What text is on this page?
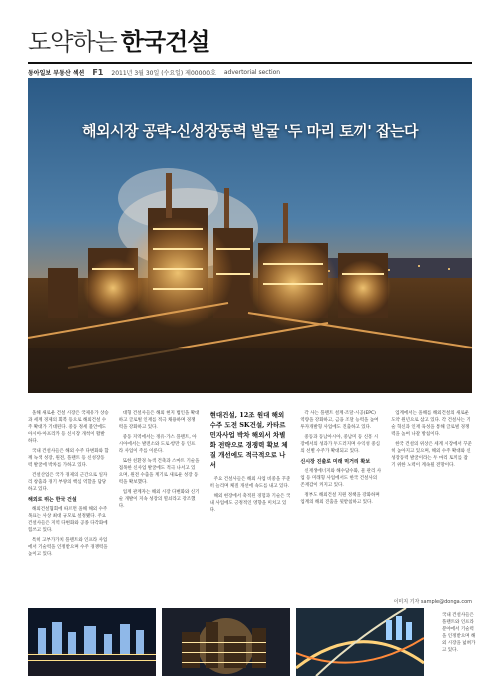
도약하는 한국건설
동아일보 부동산 섹션 F1 2011년 3월 30일 (수요일) 제00000호 advertorial section
해외시장 공략-신성장동력 발굴 '두 마리 토끼' 잡는다

올해 새로운 건설 시장은 국제유가 상승과 세계 경제의 회복 등으로 해외건설 수주 확대가 기대된다. 중동 정세 불안에도 아시아·아프리카 등 신시장 개척이 활발하다.

국내 건설사들은 해외 수주 다변화와 함께 녹색 성장, 원전, 플랜트 등 신성장동력 발굴에 박차를 가하고 있다.

건설산업은 국가 경제의 근간으로 일자리 창출과 경기 부양의 핵심 역할을 담당하고 있다.

해외로 뛰는 한국 건설

해외건설협회에 따르면 올해 해외 수주 목표는 사상 최대 규모로 설정됐다. 주요 건설사들은 지역 다변화와 공종 다각화에 힘쓰고 있다.

특히 고부가가치 플랜트와 인프라 사업에서 기술력을 인정받으며 수주 경쟁력을 높이고 있다.

대형 건설사들은 해외 현지 법인을 확대하고 글로벌 인재를 적극 채용하며 경쟁력을 강화하고 있다.

중동 지역에서는 정유·가스 플랜트, 아시아에서는 발전소와 도로·항만 등 인프라 사업이 주를 이룬다.

또한 친환경 녹색 건축과 스마트 기술을 접목한 신사업 발굴에도 적극 나서고 있으며, 원전 수출을 계기로 새로운 성장 동력을 확보했다.

업계 관계자는 해외 시장 다변화와 신기술 개발이 지속 성장의 열쇠라고 강조했다.

현대건설, 12조 원대 해외 수주 도전 SK건설, 카타르 민자사업 박차 해외서 차별화 전략으로 경쟁력 확보 체질 개선에도 적극적으로 나서

주요 건설사들은 해외 사업 비중을 꾸준히 늘리며 체질 개선에 속도를 내고 있다.

해외 현장에서 축적된 경험과 기술은 국내 사업에도 긍정적인 영향을 미치고 있다.

각 사는 플랜트 설계·조달·시공(EPC) 역량을 강화하고, 금융 조달 능력을 높여 투자개발형 사업에도 진출하고 있다.

중동과 동남아시아, 중남미 등 신흥 시장에서의 성과가 두드러지며 수익성 중심의 선별 수주가 확대되고 있다.

신시장 진출로 미래 먹거리 확보

신재생에너지와 해수담수화, 물 관리 사업 등 미래형 사업에서도 한국 건설사의 존재감이 커지고 있다.

정부도 해외건설 지원 정책을 강화하며 업계의 해외 진출을 뒷받침하고 있다.

업계에서는 올해를 해외건설의 새로운 도약 원년으로 삼고 있다. 각 건설사는 기술 혁신과 인재 육성을 통해 글로벌 경쟁력을 높여 나갈 방침이다.

한국 건설의 위상은 세계 시장에서 꾸준히 높아지고 있으며, 해외 수주 확대와 신성장동력 발굴이라는 두 마리 토끼를 잡기 위한 노력이 계속될 전망이다.

이미지 기자 sample@donga.com
국내 건설사들은 플랜트와 인프라 분야에서 기술력을 인정받으며 해외 시장을 넓혀가고 있다.
